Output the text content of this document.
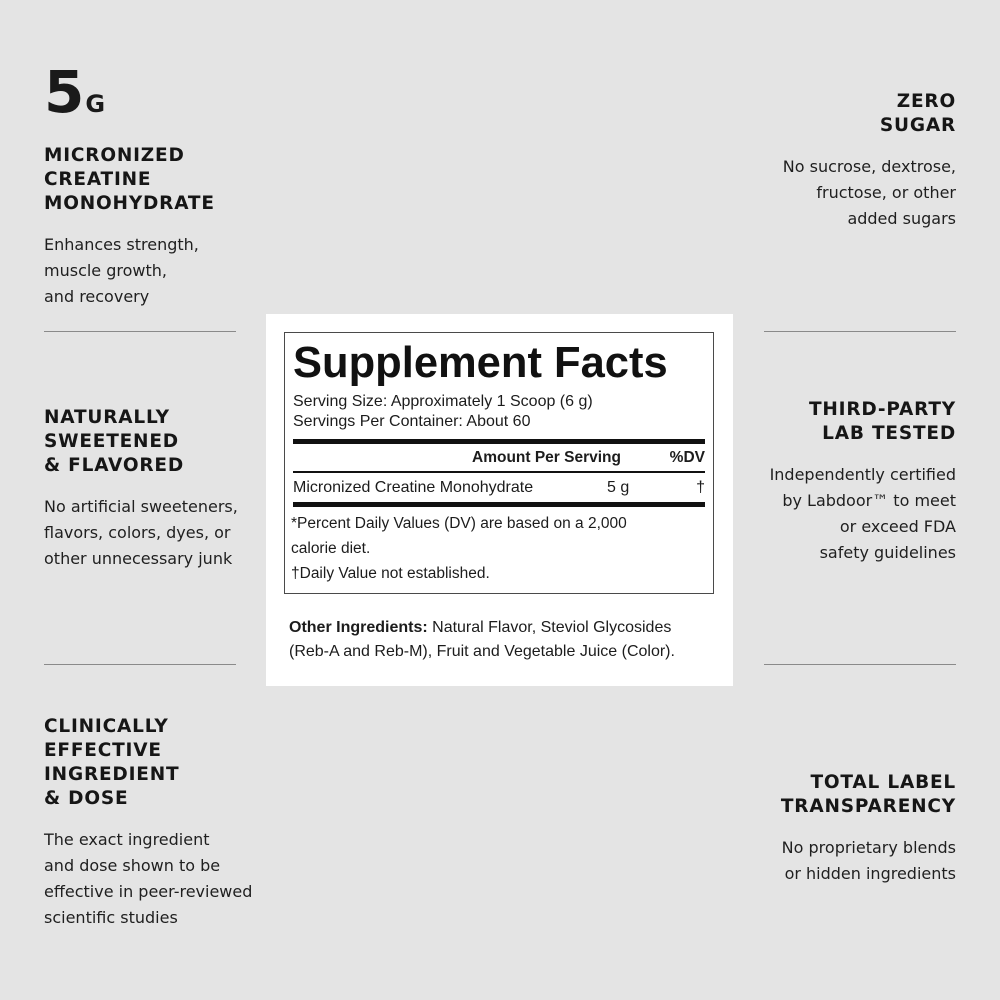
5G
MICRONIZED
CREATINE
MONOHYDRATE
Enhances strength,
muscle growth,
and recovery
NATURALLY
SWEETENED
& FLAVORED
No artificial sweeteners,
flavors, colors, dyes, or
other unnecessary junk
CLINICALLY
EFFECTIVE
INGREDIENT
& DOSE
The exact ingredient
and dose shown to be
effective in peer-reviewed
scientific studies
ZERO
SUGAR
No sucrose, dextrose,
fructose, or other
added sugars
THIRD-PARTY
LAB TESTED
Independently certified
by Labdoor™ to meet
or exceed FDA
safety guidelines
TOTAL LABEL
TRANSPARENCY
No proprietary blends
or hidden ingredients
Supplement Facts
Serving Size: Approximately 1 Scoop (6 g)
Servings Per Container: About 60
Amount Per Serving	%DV
Micronized Creatine Monohydrate	5 g	†
*Percent Daily Values (DV) are based on a 2,000
calorie diet.
†Daily Value not established.
Other Ingredients: Natural Flavor, Steviol Glycosides
(Reb-A and Reb-M), Fruit and Vegetable Juice (Color).
